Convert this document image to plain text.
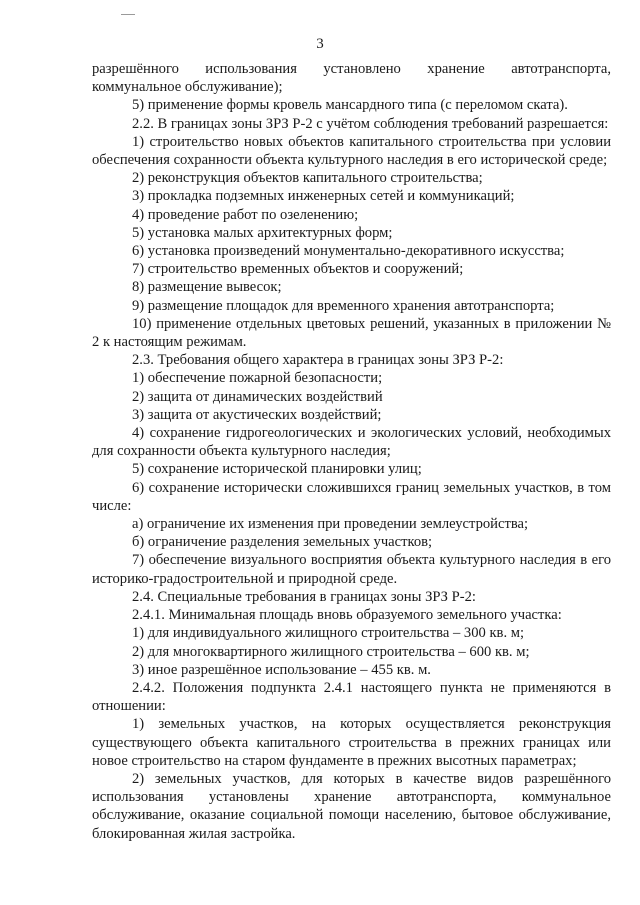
3

разрешённого использования установлено хранение автотранспорта, коммунальное обслуживание);

5) применение формы кровель мансардного типа (с переломом ската).

2.2. В границах зоны ЗРЗ Р-2 с учётом соблюдения требований разрешается:

1) строительство новых объектов капитального строительства при условии обеспечения сохранности объекта культурного наследия в его исторической среде;

2) реконструкция объектов капитального строительства;

3) прокладка подземных инженерных сетей и коммуникаций;

4) проведение работ по озеленению;

5) установка малых архитектурных форм;

6) установка произведений монументально-декоративного искусства;

7) строительство временных объектов и сооружений;

8) размещение вывесок;

9) размещение площадок для временного хранения автотранспорта;

10) применение отдельных цветовых решений, указанных в приложении № 2 к настоящим режимам.

2.3. Требования общего характера в границах зоны ЗРЗ Р-2:

1) обеспечение пожарной безопасности;

2) защита от динамических воздействий

3) защита от акустических воздействий;

4) сохранение гидрогеологических и экологических условий, необходимых для сохранности объекта культурного наследия;

5) сохранение исторической планировки улиц;

6) сохранение исторически сложившихся границ земельных участков, в том числе:

а) ограничение их изменения при проведении землеустройства;

б) ограничение разделения земельных участков;

7) обеспечение визуального восприятия объекта культурного наследия в его историко-градостроительной и природной среде.

2.4. Специальные требования в границах зоны ЗРЗ Р-2:

2.4.1. Минимальная площадь вновь образуемого земельного участка:

1) для индивидуального жилищного строительства – 300 кв. м;

2) для многоквартирного жилищного строительства – 600 кв. м;

3) иное разрешённое использование – 455 кв. м.

2.4.2. Положения подпункта 2.4.1 настоящего пункта не применяются в отношении:

1) земельных участков, на которых осуществляется реконструкция существующего объекта капитального строительства в прежних границах или новое строительство на старом фундаменте в прежних высотных параметрах;

2) земельных участков, для которых в качестве видов разрешённого использования установлены хранение автотранспорта, коммунальное обслуживание, оказание социальной помощи населению, бытовое обслуживание, блокированная жилая застройка.
